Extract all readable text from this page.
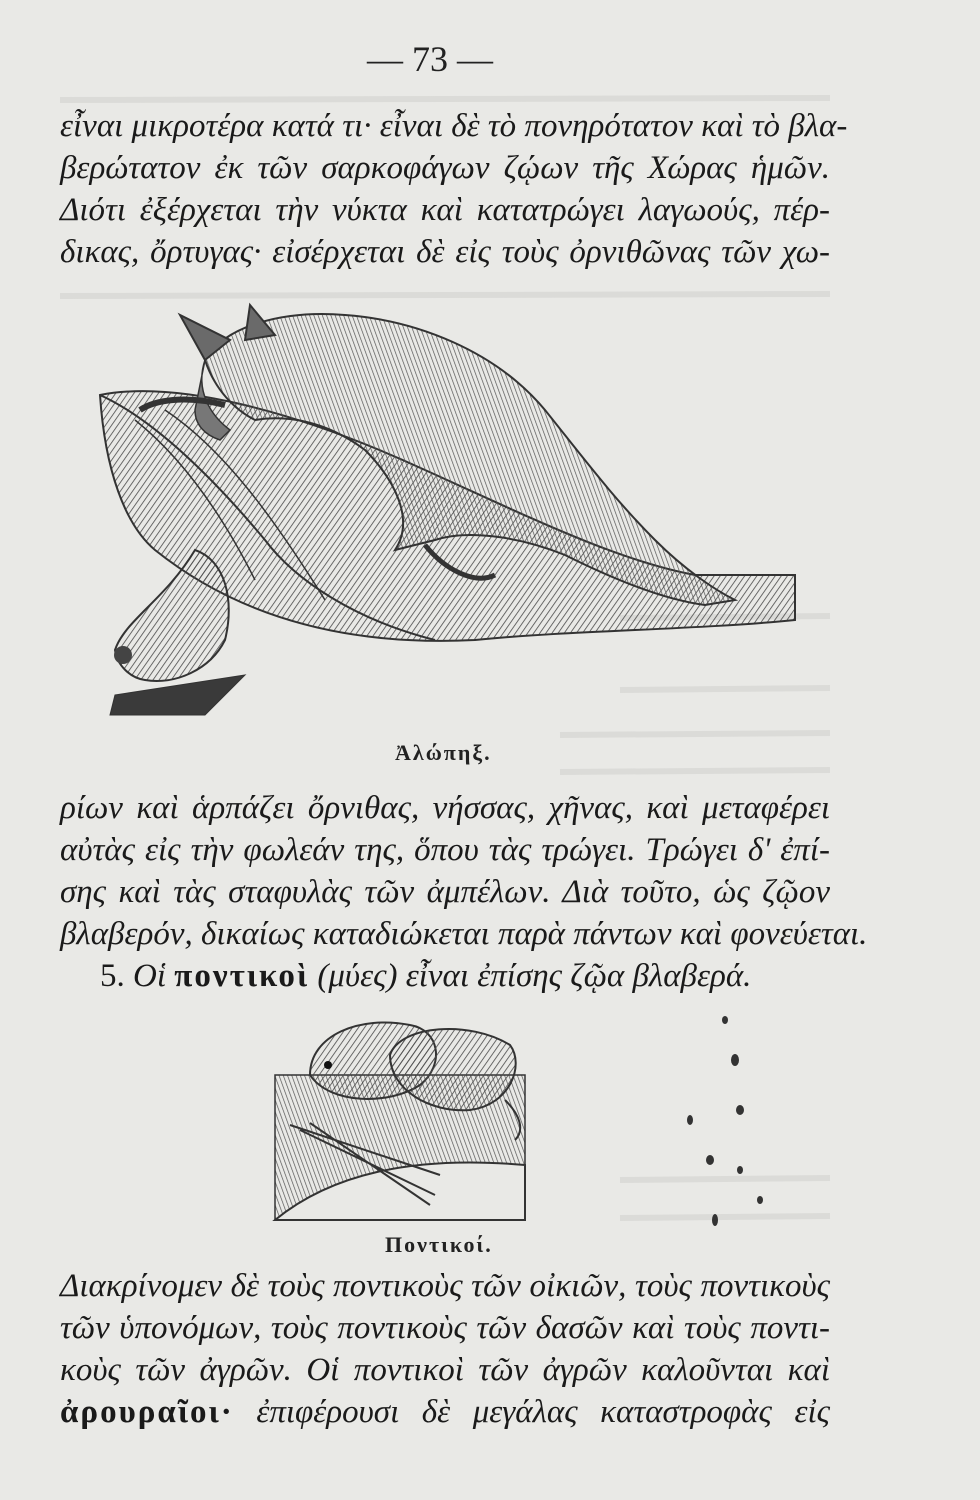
— 73 —
εἶναι μικροτέρα κατά τι· εἶναι δὲ τὸ πονηρότατον καὶ τὸ βλα-
βερώτατον ἐκ τῶν σαρκοφάγων ζῴων τῆς Χώρας ἡμῶν.
Διότι ἐξέρχεται τὴν νύκτα καὶ κατατρώγει λαγωούς, πέρ-
δικας, ὄρτυγας· εἰσέρχεται δὲ εἰς τοὺς ὀρνιθῶνας τῶν χω-
Ἀλώπηξ.
ρίων καὶ ἁρπάζει ὄρνιθας, νήσσας, χῆνας, καὶ μεταφέρει
αὐτὰς εἰς τὴν φωλεάν της, ὅπου τὰς τρώγει. Τρώγει δ' ἐπί-
σης καὶ τὰς σταφυλὰς τῶν ἀμπέλων. Διὰ τοῦτο, ὡς ζῷον
βλαβερόν, δικαίως καταδιώκεται παρὰ πάντων καὶ φονεύεται.
5. Οἱ ποντικοὶ (μύες) εἶναι ἐπίσης ζῷα βλαβερά.
Ποντικοί.
Διακρίνομεν δὲ τοὺς ποντικοὺς τῶν οἰκιῶν, τοὺς ποντικοὺς
τῶν ὑπονόμων, τοὺς ποντικοὺς τῶν δασῶν καὶ τοὺς ποντι-
κοὺς τῶν ἀγρῶν. Οἱ ποντικοὶ τῶν ἀγρῶν καλοῦνται καὶ
ἀρουραῖοι· ἐπιφέρουσι δὲ μεγάλας καταστροφὰς εἰς
